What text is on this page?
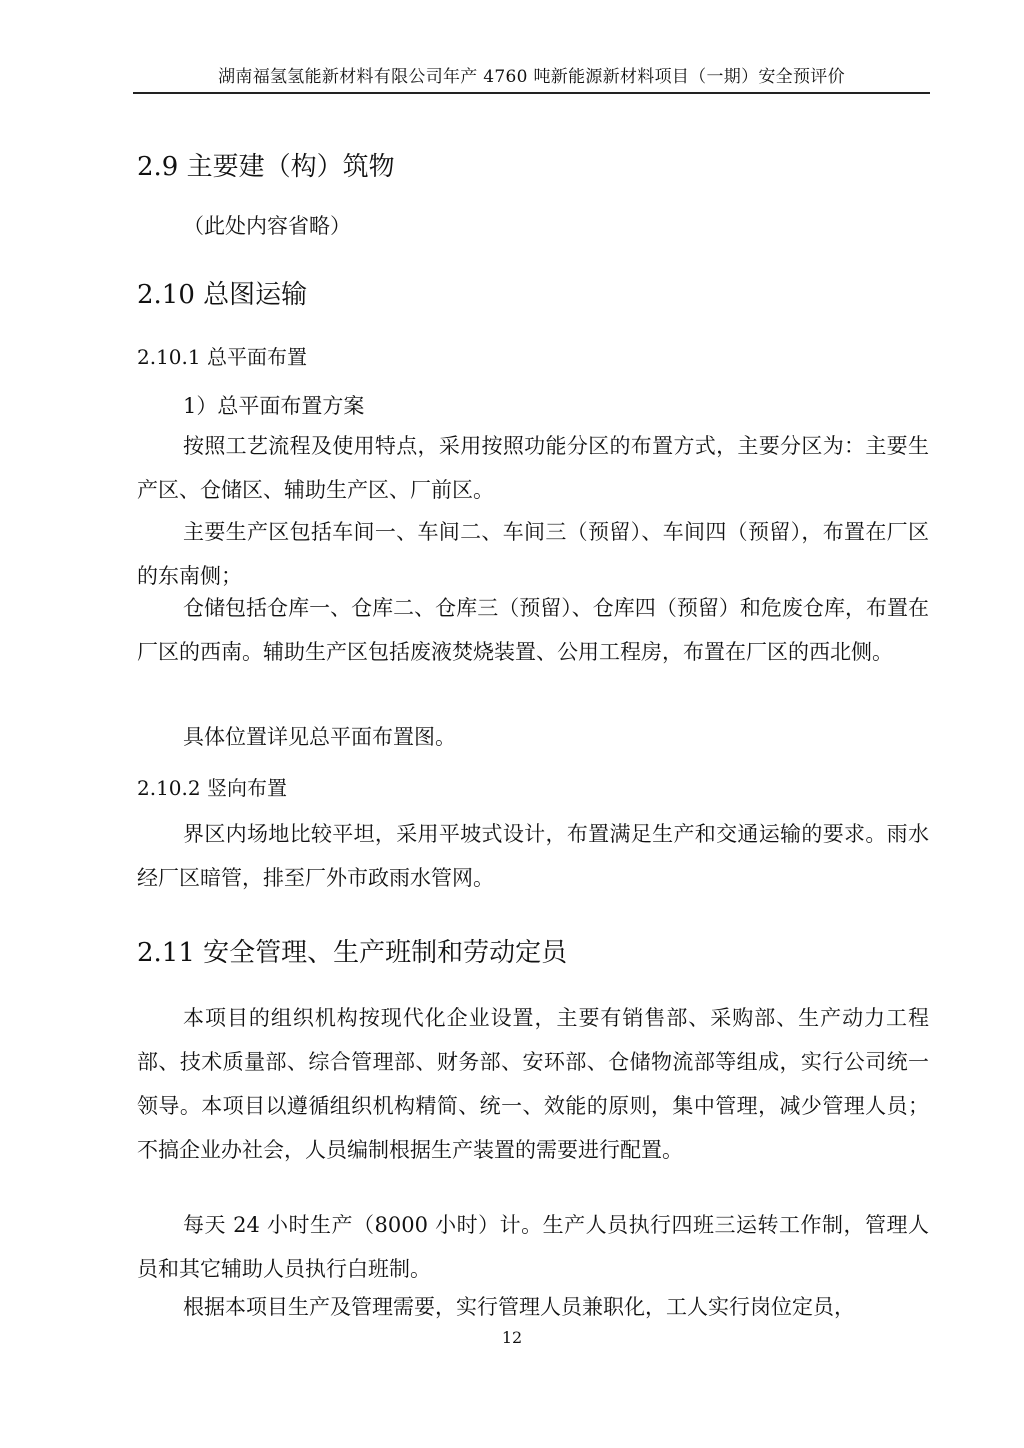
湖南福氢氢能新材料有限公司年产 4760 吨新能源新材料项目（一期）安全预评价
2.9 主要建（构）筑物
（此处内容省略）
2.10 总图运输
2.10.1 总平面布置
1）总平面布置方案

按照工艺流程及使用特点，采用按照功能分区的布置方式，主要分区为：主要生产区、仓储区、辅助生产区、厂前区。

主要生产区包括车间一、车间二、车间三（预留）、车间四（预留），布置在厂区的东南侧；

仓储包括仓库一、仓库二、仓库三（预留）、仓库四（预留）和危废仓库，布置在厂区的西南。辅助生产区包括废液焚烧装置、公用工程房，布置在厂区的西北侧。

具体位置详见总平面布置图。

2.10.2 竖向布置

界区内场地比较平坦，采用平坡式设计，布置满足生产和交通运输的要求。雨水经厂区暗管，排至厂外市政雨水管网。

2.11 安全管理、生产班制和劳动定员

本项目的组织机构按现代化企业设置，主要有销售部、采购部、生产动力工程部、技术质量部、综合管理部、财务部、安环部、仓储物流部等组成，实行公司统一领导。本项目以遵循组织机构精简、统一、效能的原则，集中管理，减少管理人员；不搞企业办社会，人员编制根据生产装置的需要进行配置。

每天 24 小时生产（8000 小时）计。生产人员执行四班三运转工作制，管理人员和其它辅助人员执行白班制。

根据本项目生产及管理需要，实行管理人员兼职化，工人实行岗位定员，

12
